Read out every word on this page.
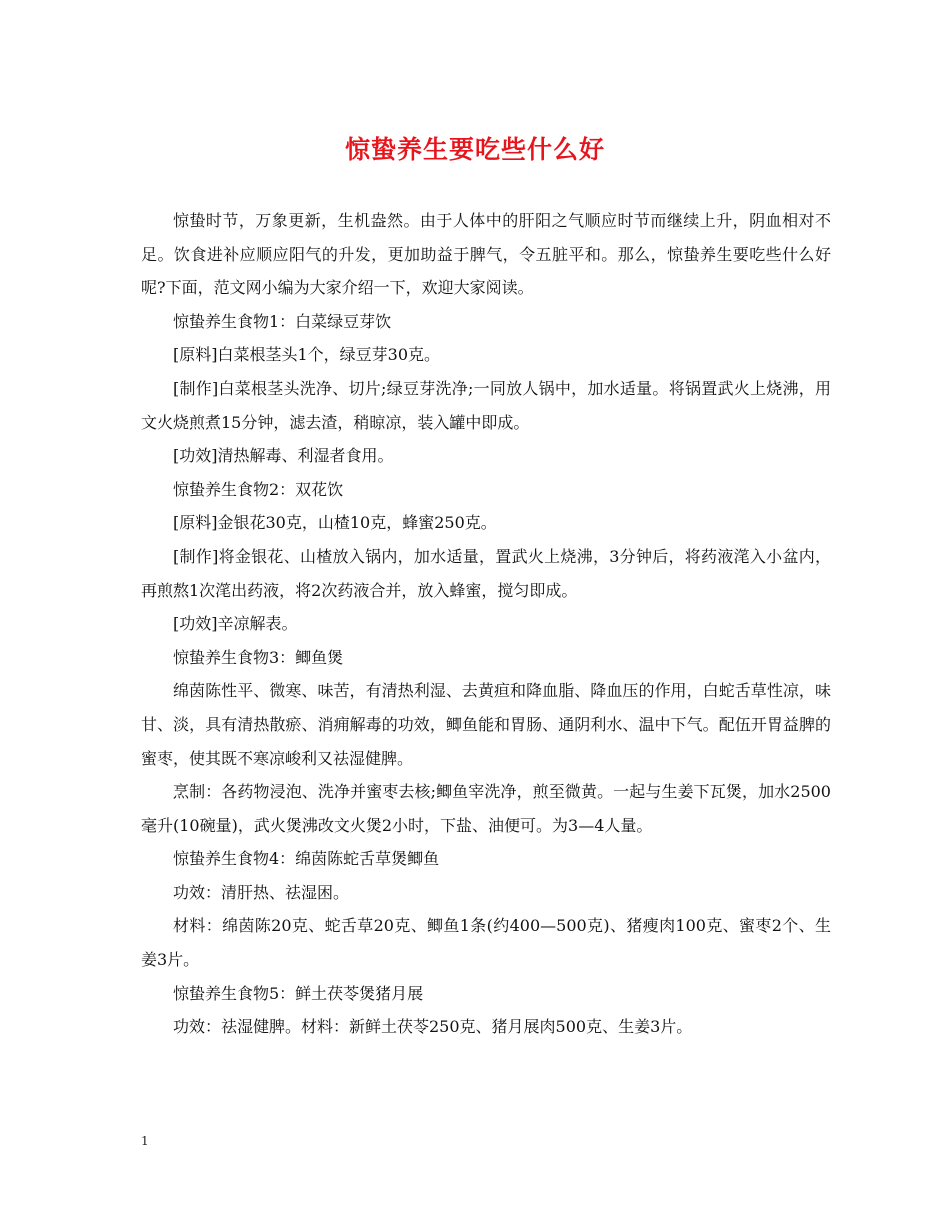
惊蛰养生要吃些什么好

惊蛰时节，万象更新，生机盎然。由于人体中的肝阳之气顺应时节而继续上升，阴血相对不足。饮食进补应顺应阳气的升发，更加助益于脾气，令五脏平和。那么，惊蛰养生要吃些什么好呢?下面，范文网小编为大家介绍一下，欢迎大家阅读。

惊蛰养生食物1：白菜绿豆芽饮

[原料]白菜根茎头1个，绿豆芽30克。

[制作]白菜根茎头洗净、切片;绿豆芽洗净;一同放人锅中，加水适量。将锅置武火上烧沸，用文火烧煎煮15分钟，滤去渣，稍晾凉，装入罐中即成。

[功效]清热解毒、利湿者食用。

惊蛰养生食物2：双花饮

[原料]金银花30克，山楂10克，蜂蜜250克。

[制作]将金银花、山楂放入锅内，加水适量，置武火上烧沸，3分钟后，将药液滗入小盆内，再煎熬1次滗出药液，将2次药液合并，放入蜂蜜，搅匀即成。

[功效]辛凉解表。

惊蛰养生食物3：鲫鱼煲

绵茵陈性平、微寒、味苦，有清热利湿、去黄疸和降血脂、降血压的作用，白蛇舌草性凉，味甘、淡，具有清热散瘀、消痈解毒的功效，鲫鱼能和胃肠、通阴利水、温中下气。配伍开胃益脾的蜜枣，使其既不寒凉峻利又祛湿健脾。

烹制：各药物浸泡、洗净并蜜枣去核;鲫鱼宰洗净，煎至微黄。一起与生姜下瓦煲，加水2500毫升(10碗量)，武火煲沸改文火煲2小时，下盐、油便可。为3—4人量。

惊蛰养生食物4：绵茵陈蛇舌草煲鲫鱼

功效：清肝热、祛湿困。

材料：绵茵陈20克、蛇舌草20克、鲫鱼1条(约400—500克)、猪瘦肉100克、蜜枣2个、生姜3片。

惊蛰养生食物5：鲜土茯苓煲猪月展

功效：祛湿健脾。材料：新鲜土茯苓250克、猪月展肉500克、生姜3片。

1
